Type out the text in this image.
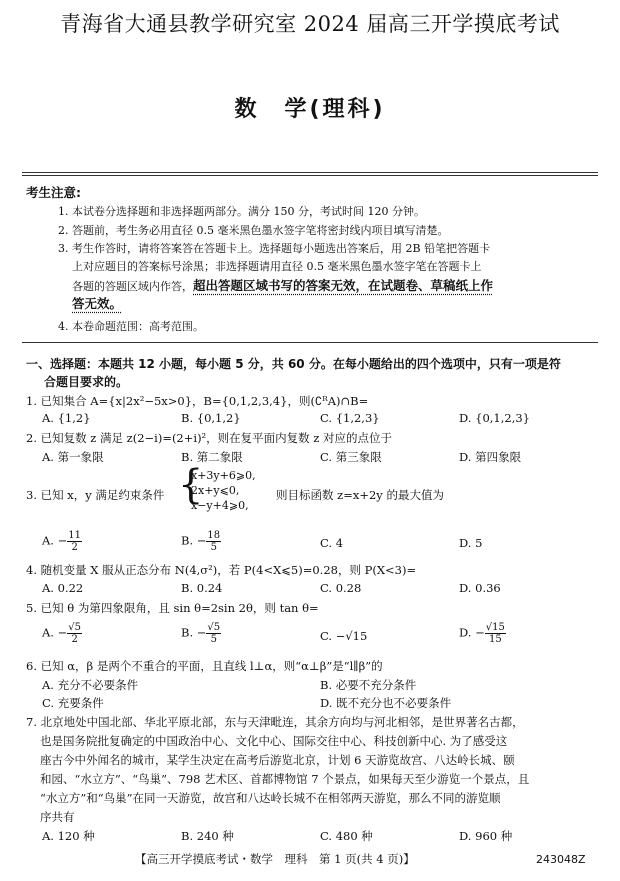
青海省大通县教学研究室 2024 届高三开学摸底考试
数　学(理科)
考生注意:
1. 本试卷分选择题和非选择题两部分。满分 150 分，考试时间 120 分钟。
2. 答题前，考生务必用直径 0.5 毫米黑色墨水签字笔将密封线内项目填写清楚。
3. 考生作答时，请将答案答在答题卡上。选择题每小题选出答案后，用 2B 铅笔把答题卡
上对应题目的答案标号涂黑；非选择题请用直径 0.5 毫米黑色墨水签字笔在答题卡上
各题的答题区域内作答，超出答题区域书写的答案无效，在试题卷、草稿纸上作
答无效。
4. 本卷命题范围：高考范围。
一、选择题：本题共 12 小题，每小题 5 分，共 60 分。在每小题给出的四个选项中，只有一项是符
合题目要求的。
1. 已知集合 A={x|2x²−5x>0}，B={0,1,2,3,4}，则(∁ᴿA)∩B=
A. {1,2}	B. {0,1,2}	C. {1,2,3}	D. {0,1,2,3}
2. 已知复数 z 满足 z(2−i)=(2+i)²，则在复平面内复数 z 对应的点位于
A. 第一象限	B. 第二象限	C. 第三象限	D. 第四象限
3. 已知 x，y 满足约束条件 {
x+3y+6⩾0,
2x+y⩽0,
x−y+4⩾0,
则目标函数 z=x+2y 的最大值为
A. − $\frac{11}{2}$	B. − $\frac{18}{5}$	C. 4	D. 5
4. 随机变量 X 服从正态分布 N(4,σ²)，若 P(4<X⩽5)=0.28，则 P(X<3)=
A. 0.22	B. 0.24	C. 0.28	D. 0.36
5. 已知 θ 为第四象限角，且 sin θ=2sin 2θ，则 tan θ=
A. − $\frac{√5}{2}$	B. − $\frac{√5}{5}$	C. −√15	D. − $\frac{√15}{15}$
6. 已知 α，β 是两个不重合的平面，且直线 l⊥α，则“α⊥β”是“l∥β”的
A. 充分不必要条件	B. 必要不充分条件
C. 充要条件	D. 既不充分也不必要条件
7. 北京地处中国北部、华北平原北部，东与天津毗连，其余方向均与河北相邻，是世界著名古都，
也是国务院批复确定的中国政治中心、文化中心、国际交往中心、科技创新中心. 为了感受这
座古今中外闻名的城市，某学生决定在高考后游览北京，计划 6 天游览故宫、八达岭长城、颐
和园、“水立方”、“鸟巢”、798 艺术区、首都博物馆 7 个景点，如果每天至少游览一个景点，且
“水立方”和“鸟巢”在同一天游览，故宫和八达岭长城不在相邻两天游览，那么不同的游览顺
序共有
A. 120 种	B. 240 种	C. 480 种	D. 960 种
【高三开学摸底考试・数学　理科　第 1 页(共 4 页)】	243048Z
